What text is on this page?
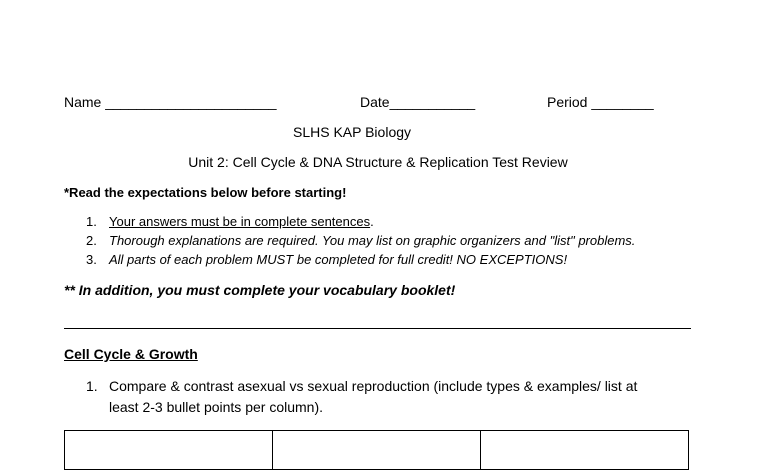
Name ______________________	Date___________	Period ________
SLHS KAP Biology
Unit 2: Cell Cycle & DNA Structure & Replication Test Review
*Read the expectations below before starting!
1. Your answers must be in complete sentences.
2. Thorough explanations are required. You may list on graphic organizers and "list" problems.
3. All parts of each problem MUST be completed for full credit! NO EXCEPTIONS!
** In addition, you must complete your vocabulary booklet!
Cell Cycle & Growth
1. Compare & contrast asexual vs sexual reproduction (include types & examples/ list at
least 2-3 bullet points per column).
